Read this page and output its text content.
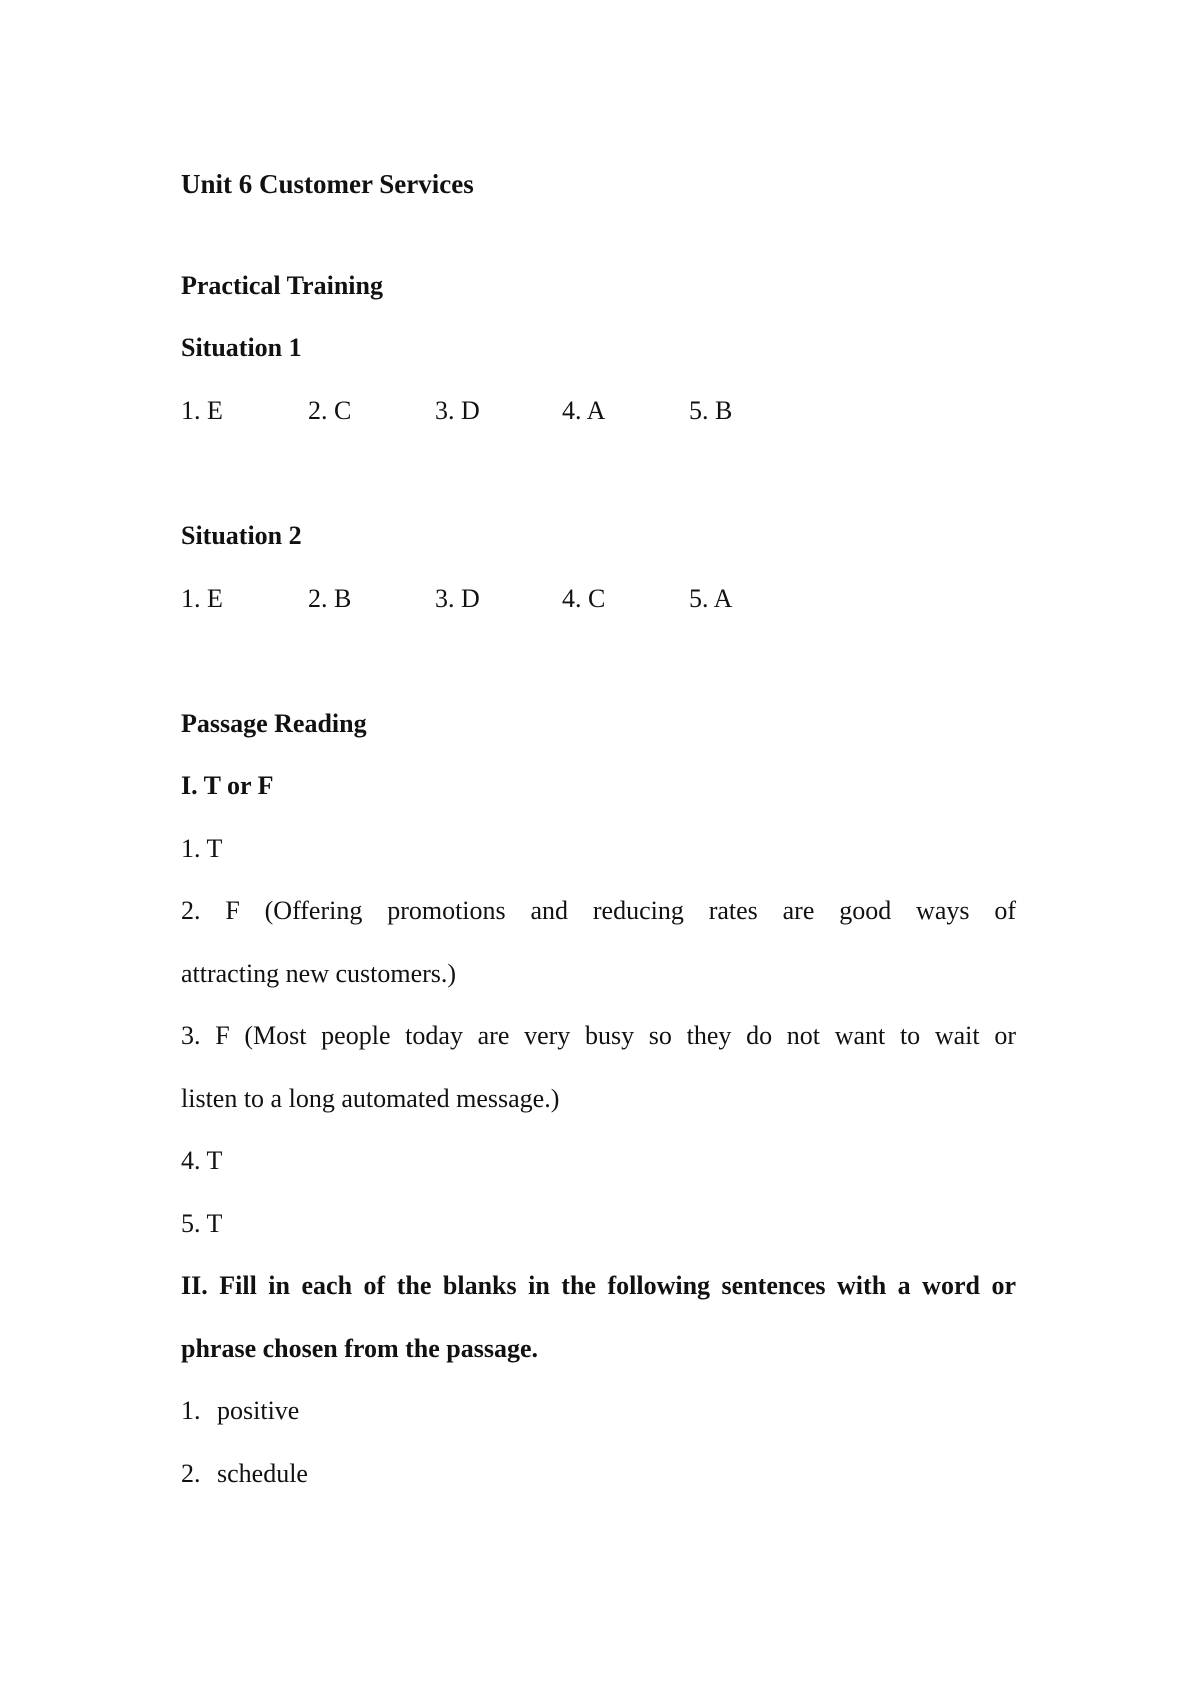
Unit 6 Customer Services
Practical Training
Situation 1
1. E	2. C	3. D	4. A	5. B
Situation 2
1. E	2. B	3. D	4. C	5. A
Passage Reading
I. T or F
1. T
2. F (Offering promotions and reducing rates are good ways of
attracting new customers.)
3. F (Most people today are very busy so they do not want to wait or
listen to a long automated message.)
4. T
5. T
II. Fill in each of the blanks in the following sentences with a word or
phrase chosen from the passage.
1. positive
2. schedule
